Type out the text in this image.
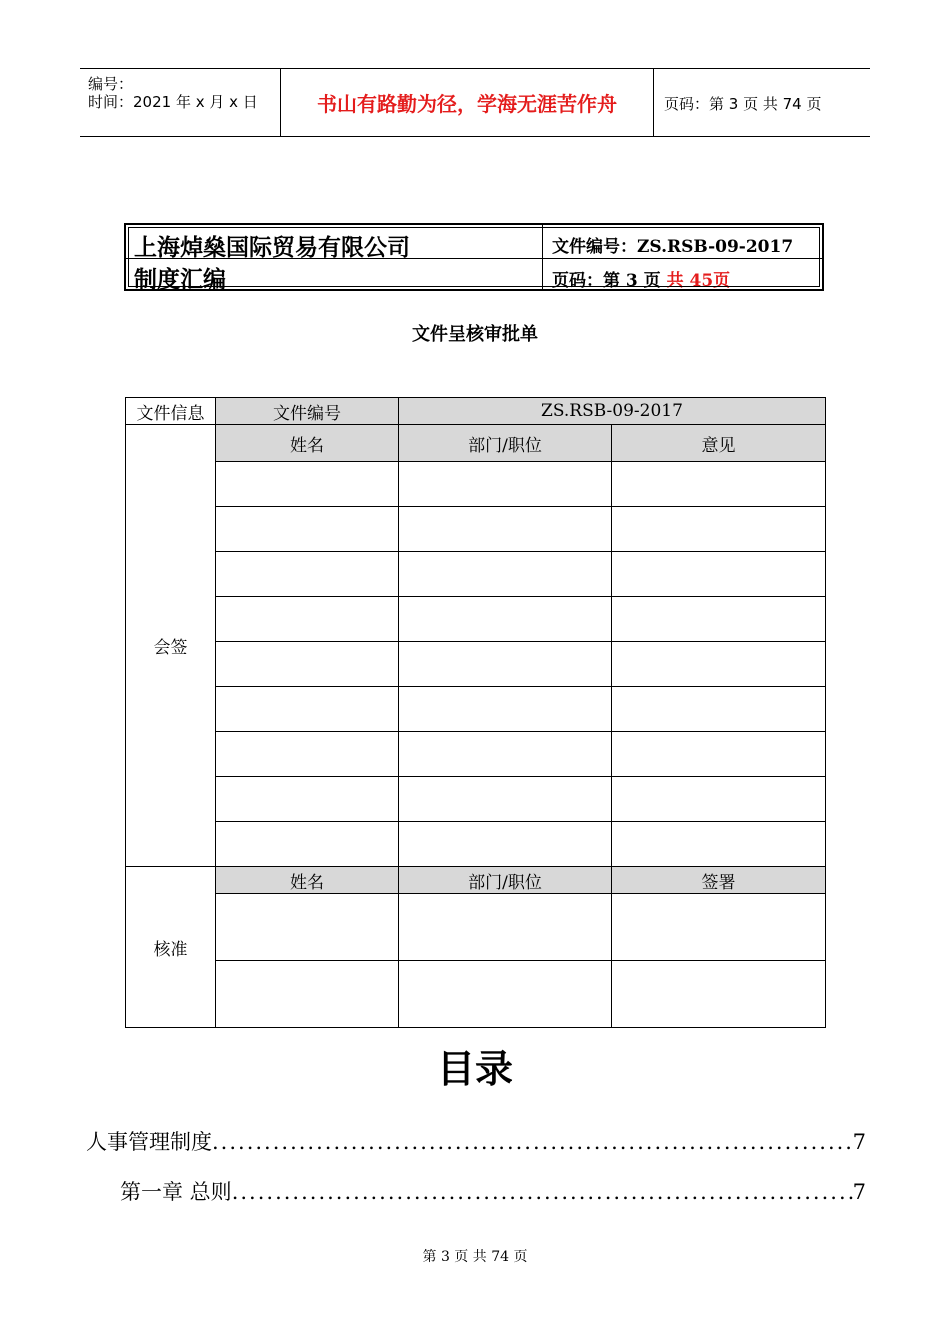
编号：
时间：2021 年 x 月 x 日	书山有路勤为径，学海无涯苦作舟	页码：第 3 页 共 74 页
上海焯燊国际贸易有限公司
制度汇编
文件编号：ZS.RSB-09-2017
页码：第 3 页 共 45页
文件呈核审批单
文件信息	文件编号	ZS.RSB-09-2017	
会签	姓名	部门/职位	意见

核准	姓名	部门/职位	签署

目录
人事管理制度 .....	7
第一章 总则 .....	7
第 3 页 共 74 页
